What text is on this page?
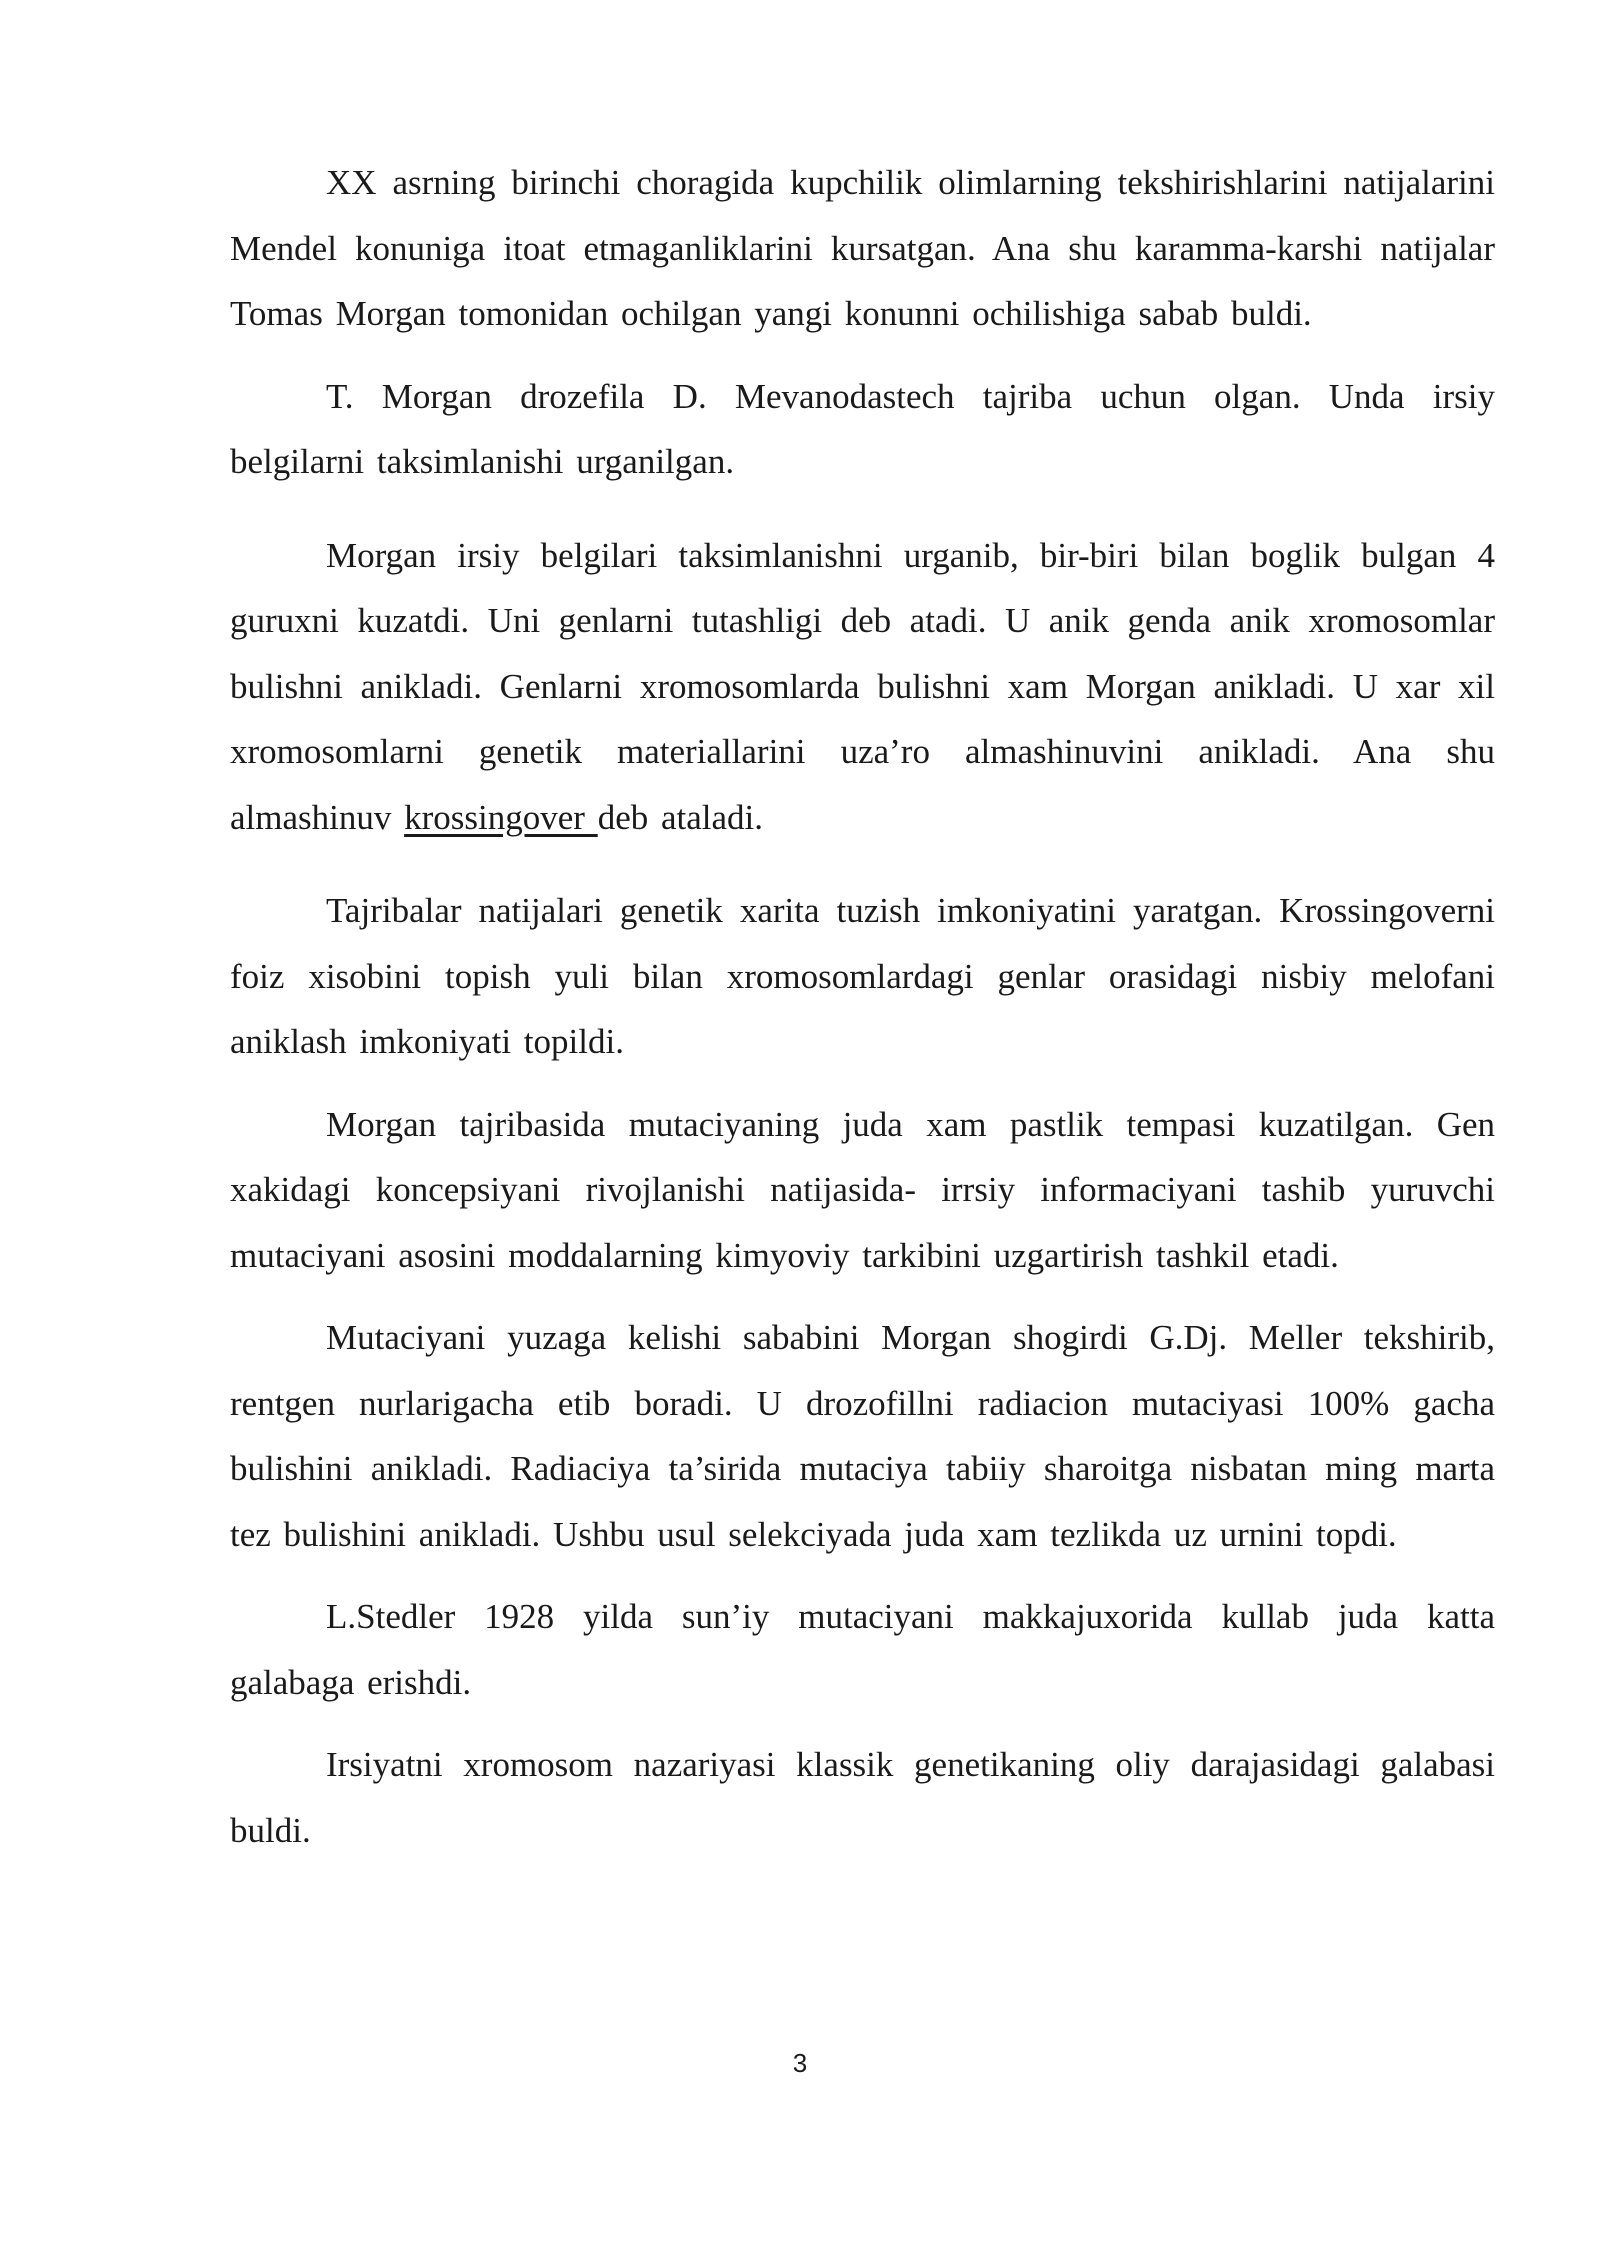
XX asrning birinchi choragida kupchilik olimlarning tekshirishlarini natijalarini Mendel konuniga itoat etmaganliklarini kursatgan. Ana shu karamma-karshi natijalar Tomas Morgan tomonidan ochilgan yangi konunni ochilishiga sabab buldi.

T. Morgan drozefila D. Mevanodastech tajriba uchun olgan. Unda irsiy belgilarni taksimlanishi urganilgan.

Morgan irsiy belgilari taksimlanishni urganib, bir-biri bilan boglik bulgan 4 guruxni kuzatdi. Uni genlarni tutashligi deb atadi. U anik genda anik xromosomlar bulishni anikladi. Genlarni xromosomlarda bulishni xam Morgan anikladi. U xar xil xromosomlarni genetik materiallarini uza’ro almashinuvini anikladi. Ana shu almashinuv krossingover deb ataladi.

Tajribalar natijalari genetik xarita tuzish imkoniyatini yaratgan. Krossingoverni foiz xisobini topish yuli bilan xromosomlardagi genlar orasidagi nisbiy melofani aniklash imkoniyati topildi.

Morgan tajribasida mutaciyaning juda xam pastlik tempasi kuzatilgan. Gen xakidagi koncepsiyani rivojlanishi natijasida- irrsiy informaciyani tashib yuruvchi mutaciyani asosini moddalarning kimyoviy tarkibini uzgartirish tashkil etadi.

Mutaciyani yuzaga kelishi sababini Morgan shogirdi G.Dj. Meller tekshirib, rentgen nurlarigacha etib boradi. U drozofillni radiacion mutaciyasi 100% gacha bulishini anikladi. Radiaciya ta’sirida mutaciya tabiiy sharoitga nisbatan ming marta tez bulishini anikladi. Ushbu usul selekciyada juda xam tezlikda uz urnini topdi.

L.Stedler 1928 yilda sun’iy mutaciyani makkajuxorida kullab juda katta galabaga erishdi.

Irsiyatni xromosom nazariyasi klassik genetikaning oliy darajasidagi galabasi buldi.

3
